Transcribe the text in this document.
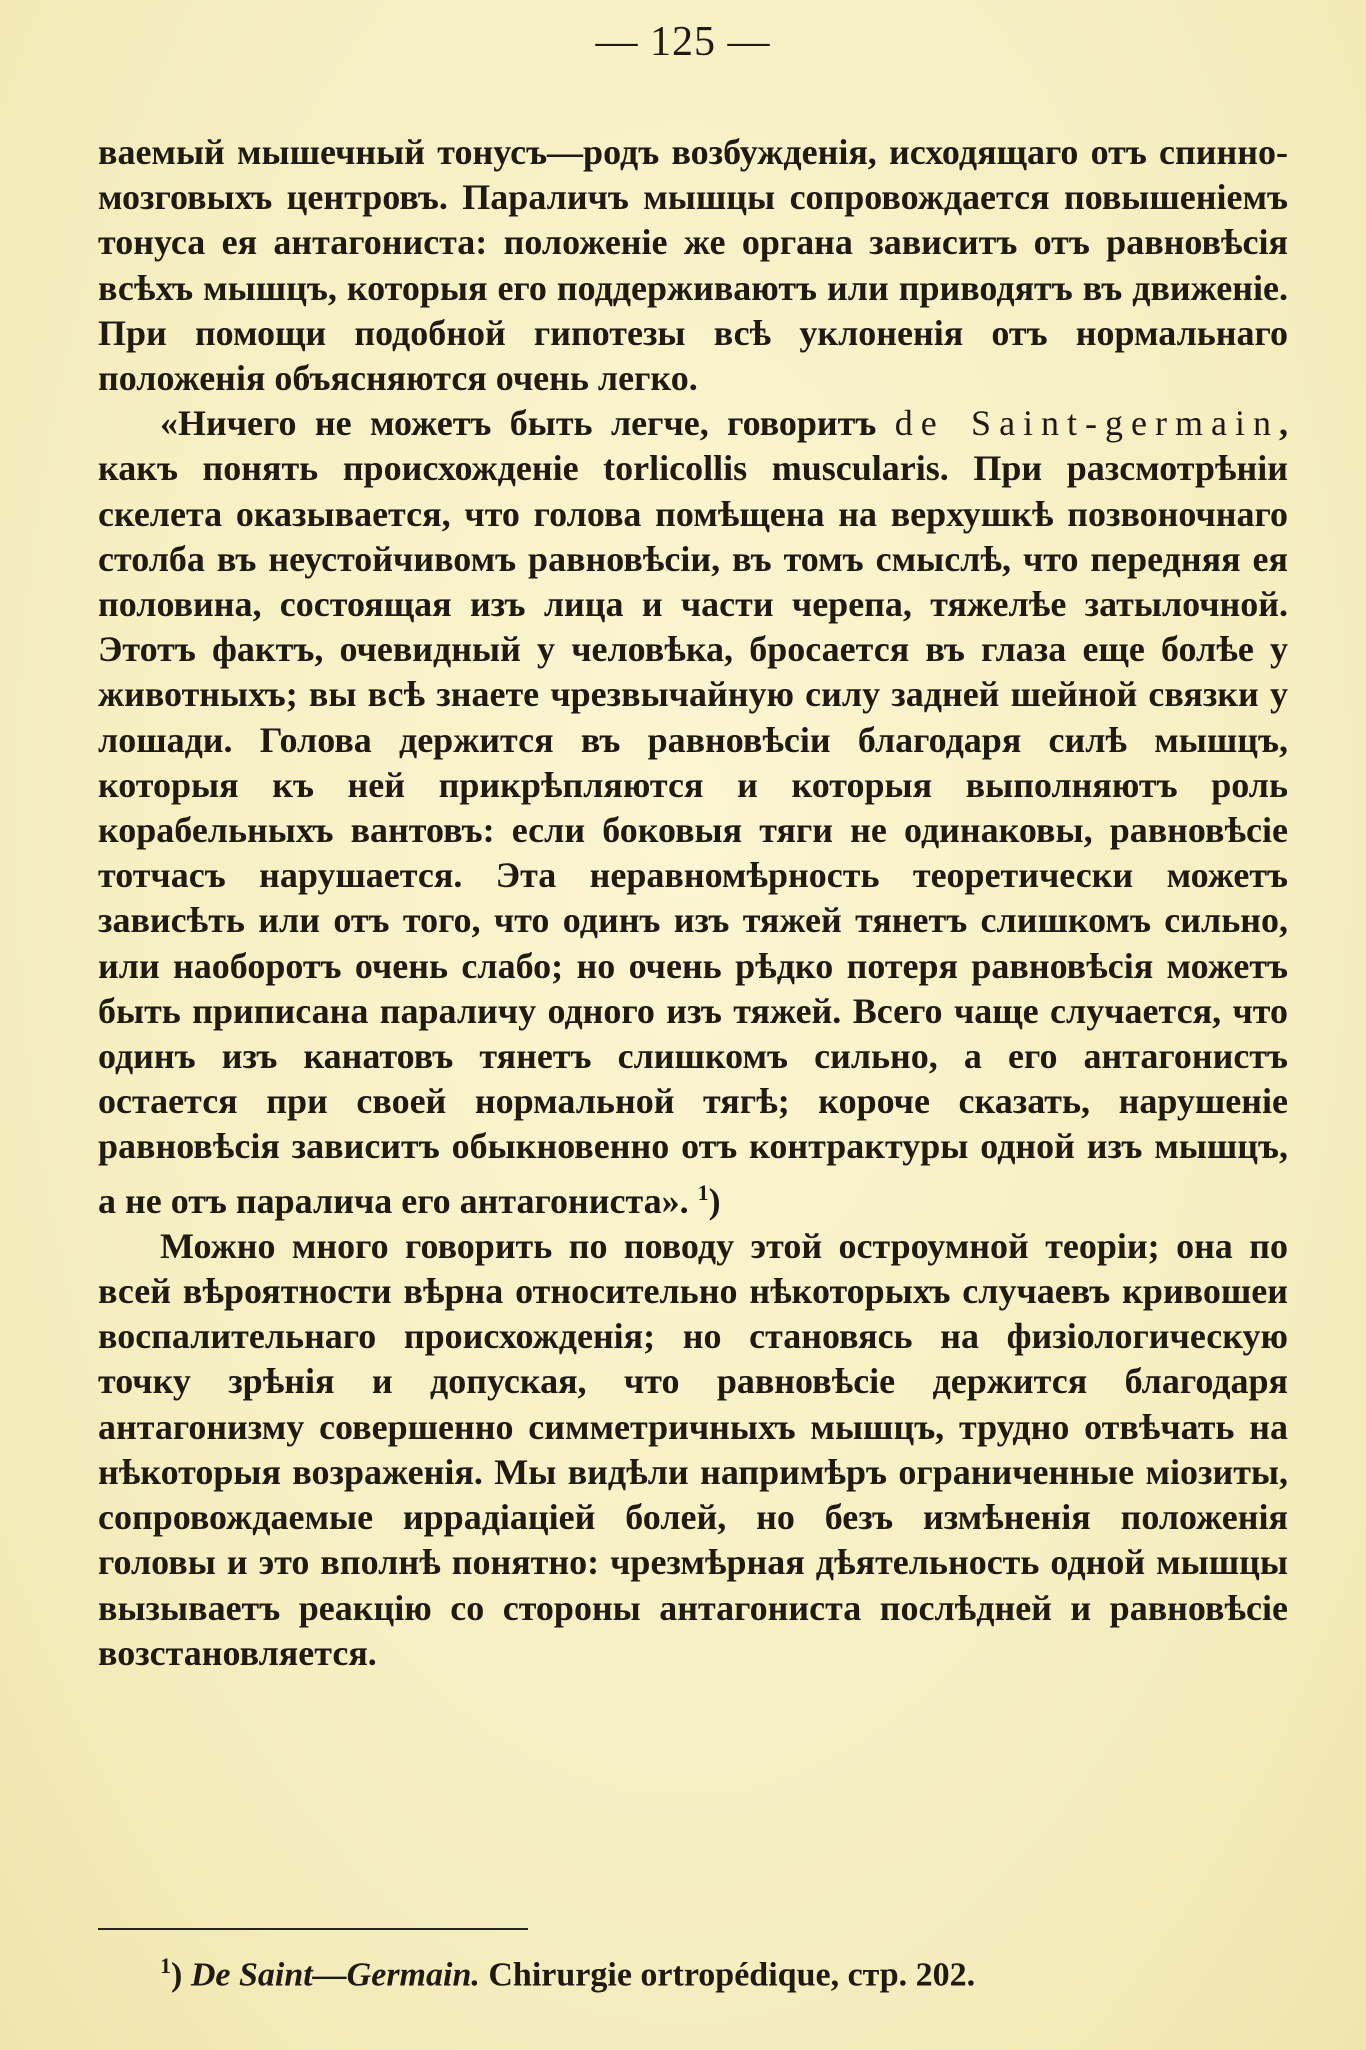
— 125 —

ваемый мышечный тонусъ—родъ возбужденія, исходящаго отъ спинно-мозговыхъ центровъ. Параличъ мышцы сопровождается повышеніемъ тонуса ея антагониста: положеніе же органа зависитъ отъ равновѣсія всѣхъ мышцъ, которыя его поддерживаютъ или приводятъ въ движеніе. При помощи подобной гипотезы всѣ уклоненія отъ нормальнаго положенія объясняются очень легко.

«Ничего не можетъ быть легче, говоритъ de Saint-germain, какъ понять происхожденіе torlicollis muscularis. При разсмотрѣніи скелета оказывается, что голова помѣщена на верхушкѣ позвоночнаго столба въ неустойчивомъ равновѣсіи, въ томъ смыслѣ, что передняя ея половина, состоящая изъ лица и части черепа, тяжелѣе затылочной. Этотъ фактъ, очевидный у человѣка, бросается въ глаза еще болѣе у животныхъ; вы всѣ знаете чрезвычайную силу задней шейной связки у лошади. Голова держится въ равновѣсіи благодаря силѣ мышцъ, которыя къ ней прикрѣпляются и которыя выполняютъ роль корабельныхъ вантовъ: если боковыя тяги не одинаковы, равновѣсіе тотчасъ нарушается. Эта неравномѣрность теоретически можетъ зависѣть или отъ того, что одинъ изъ тяжей тянетъ слишкомъ сильно, или наоборотъ очень слабо; но очень рѣдко потеря равновѣсія можетъ быть приписана параличу одного изъ тяжей. Всего чаще случается, что одинъ изъ канатовъ тянетъ слишкомъ сильно, а его антагонистъ остается при своей нормальной тягѣ; короче сказать, нарушеніе равновѣсія зависитъ обыкновенно отъ контрактуры одной изъ мышцъ, а не отъ паралича его антагониста». $^1$)

Можно много говорить по поводу этой остроумной теоріи; она по всей вѣроятности вѣрна относительно нѣкоторыхъ случаевъ кривошеи воспалительнаго происхожденія; но становясь на физіологическую точку зрѣнія и допуская, что равновѣсіе держится благодаря антагонизму совершенно симметричныхъ мышцъ, трудно отвѣчать на нѣкоторыя возраженія. Мы видѣли напримѣръ ограниченные міозиты, сопровождаемые иррадіаціей болей, но безъ измѣненія положенія головы и это вполнѣ понятно: чрезмѣрная дѣятельность одной мышцы вызываетъ реакцію со стороны антагониста послѣдней и равновѣсіе возстановляется.

$^1$) De Saint—Germain. Chirurgie ortropédique, стр. 202.
